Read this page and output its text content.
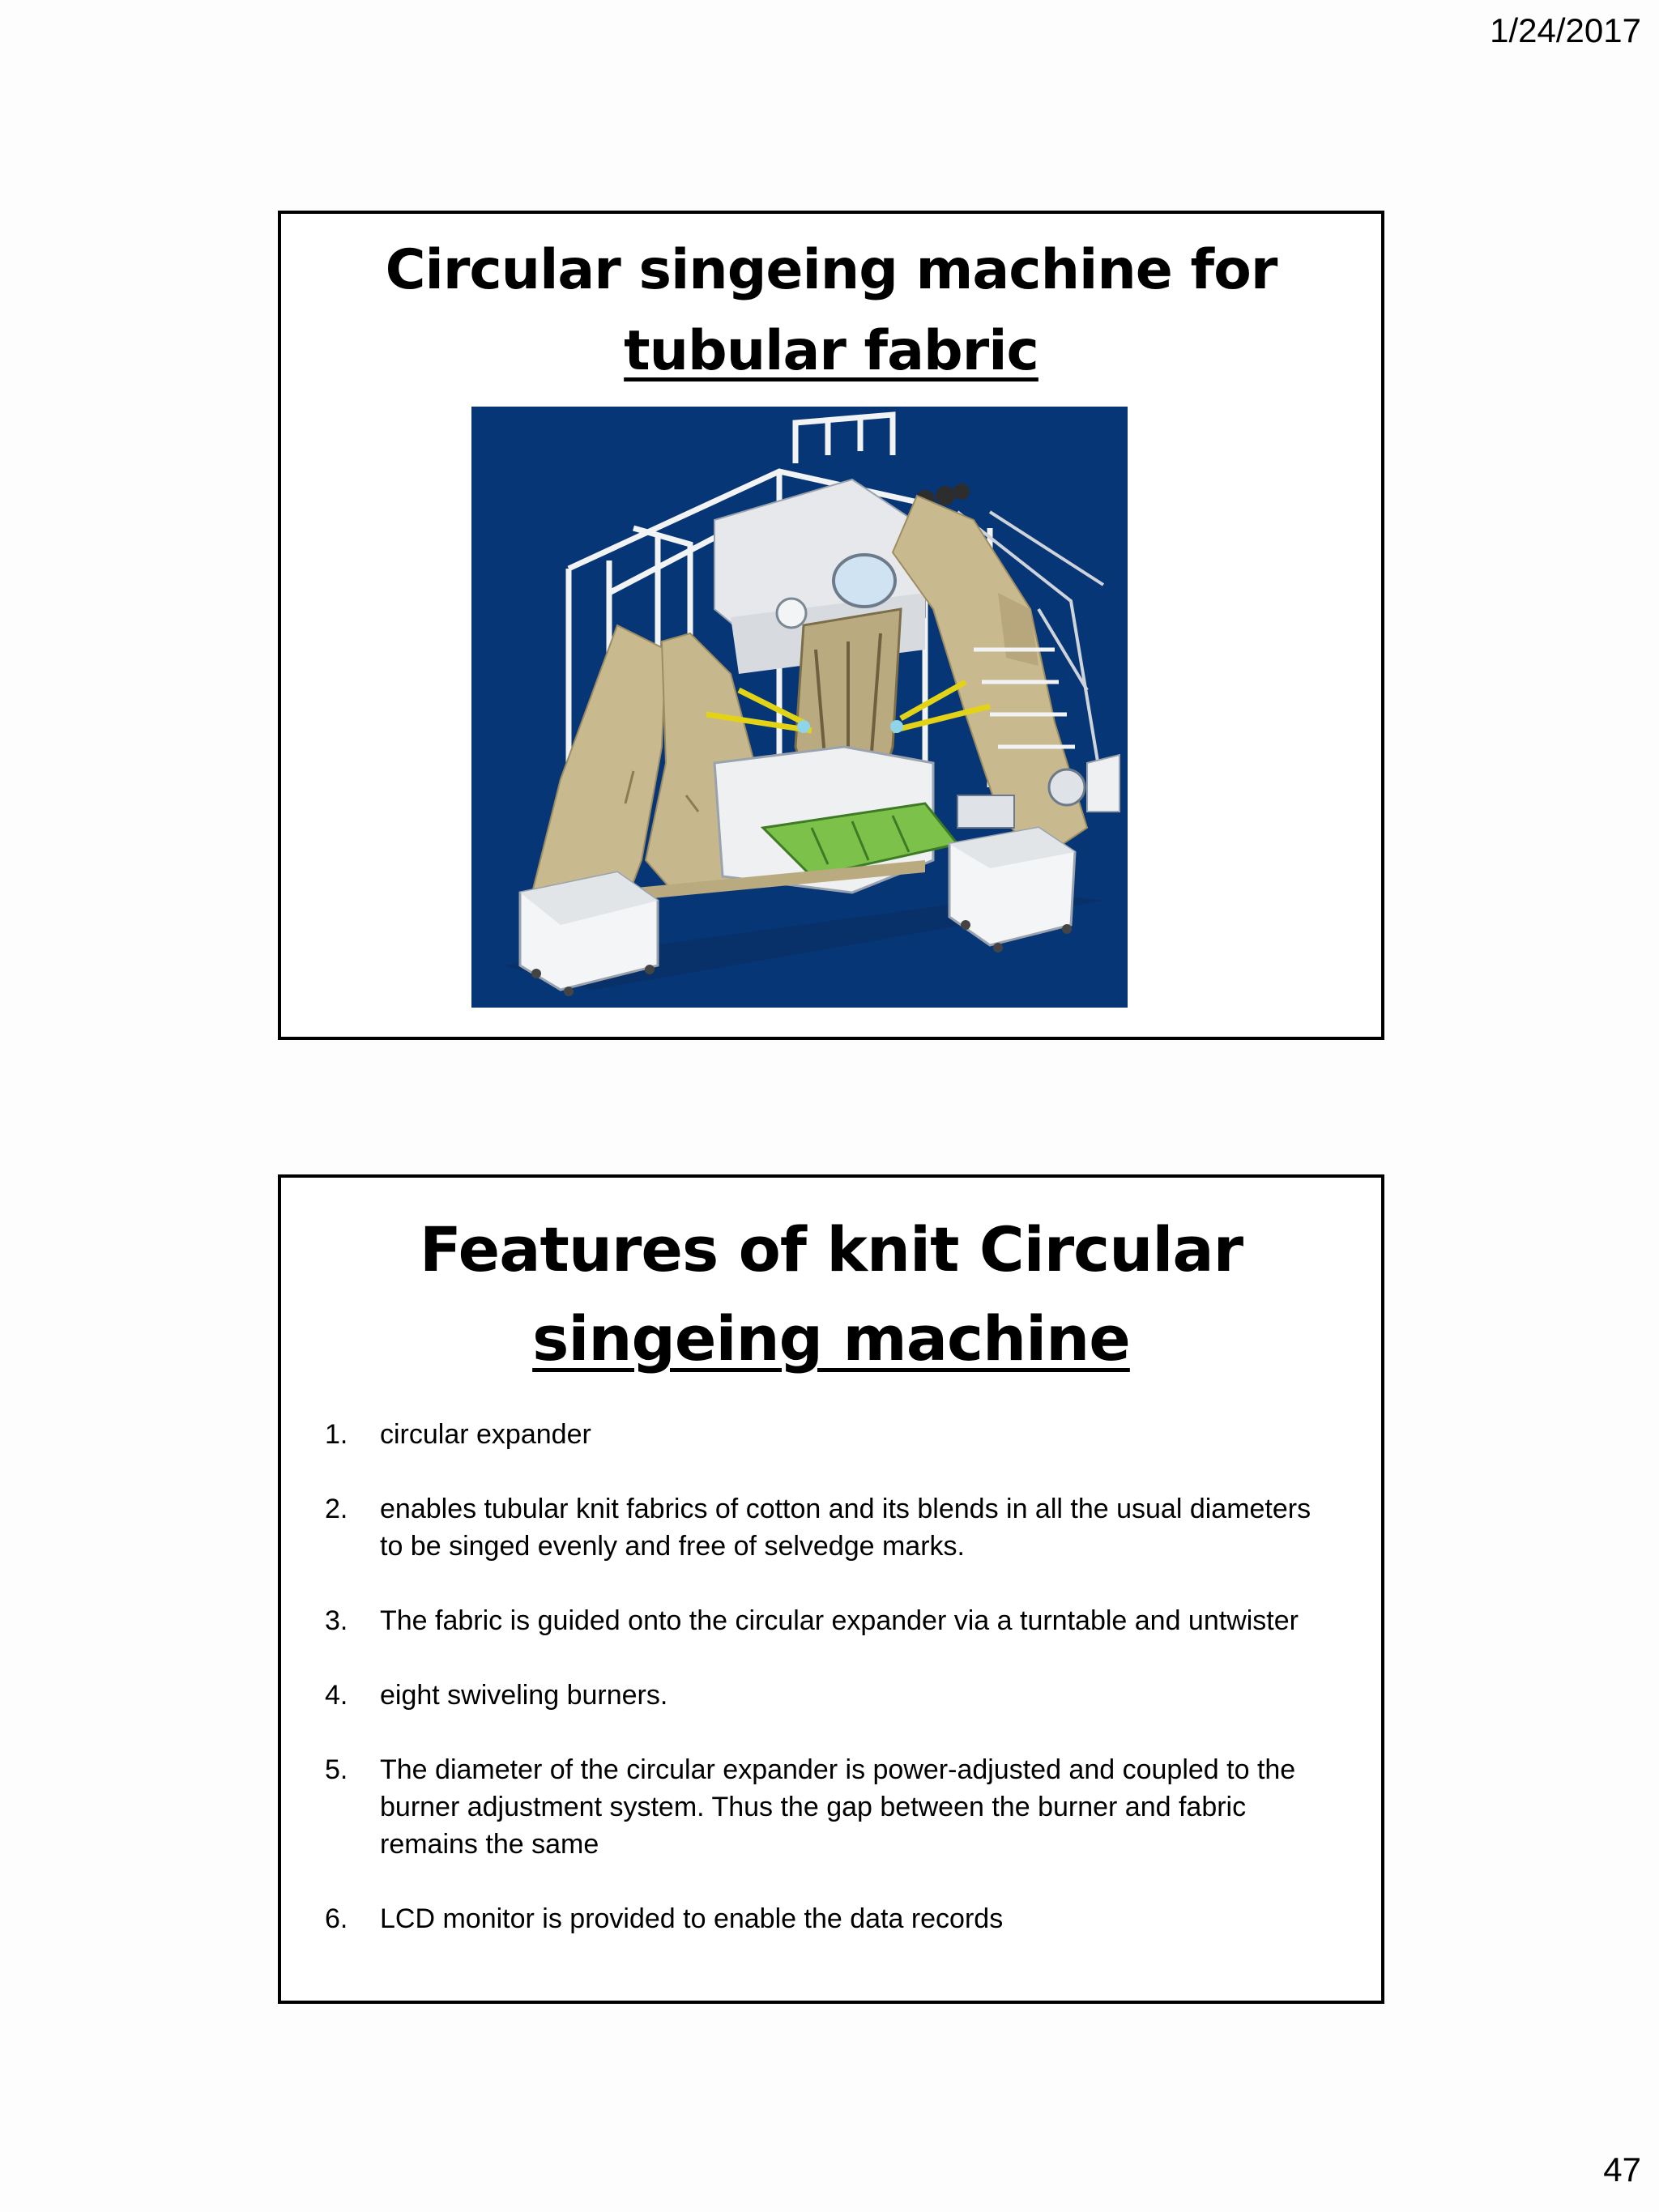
1/24/2017
Circular singeing machine for
tubular fabric
Features of knit Circular
singeing machine
1.	circular expander
2.	enables tubular knit fabrics of cotton and its blends in all the usual diameters to be singed evenly and free of selvedge marks.
3.	The fabric is guided onto the circular expander via a turntable and untwister
4.	eight swiveling burners.
5.	The diameter of the circular expander is power-adjusted and coupled to the burner adjustment system. Thus the gap between the burner and fabric remains the same
6.	LCD monitor is provided to enable the data records
47
